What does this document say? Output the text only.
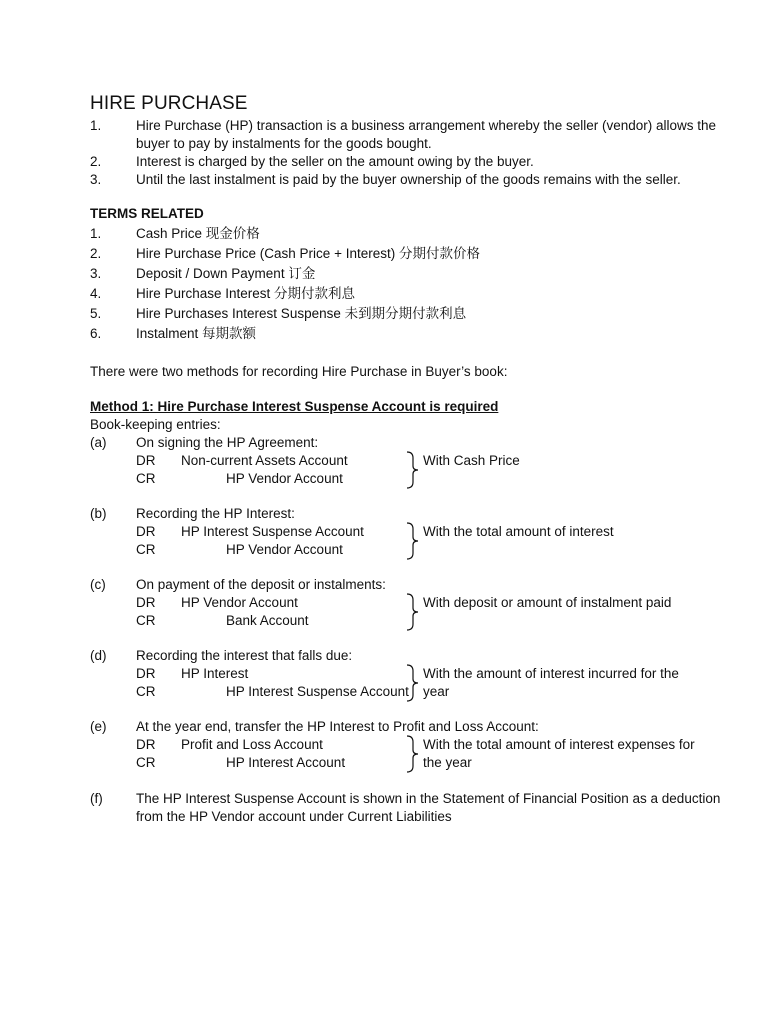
HIRE PURCHASE
1.	Hire Purchase (HP) transaction is a business arrangement whereby the seller (vendor) allows the
buyer to pay by instalments for the goods bought.
2.	Interest is charged by the seller on the amount owing by the buyer.
3.	Until the last instalment is paid by the buyer ownership of the goods remains with the seller.
TERMS RELATED
1.	Cash Price 现金价格
2.	Hire Purchase Price (Cash Price + Interest) 分期付款价格
3.	Deposit / Down Payment 订金
4.	Hire Purchase Interest 分期付款利息
5.	Hire Purchases Interest Suspense 未到期分期付款利息
6.	Instalment 每期款额
There were two methods for recording Hire Purchase in Buyer’s book:
Method 1: Hire Purchase Interest Suspense Account is required
Book-keeping entries:
(a) On signing the HP Agreement:
DR Non-current Assets Account
CR	HP Vendor Account
With Cash Price
(b) Recording the HP Interest:
DR HP Interest Suspense Account
CR	HP Vendor Account
With the total amount of interest
(c) On payment of the deposit or instalments:
DR HP Vendor Account
CR	Bank Account
With deposit or amount of instalment paid
(d) Recording the interest that falls due:
DR HP Interest
CR	HP Interest Suspense Account
With the amount of interest incurred for the
year
(e) At the year end, transfer the HP Interest to Profit and Loss Account:
DR Profit and Loss Account
CR	HP Interest Account
With the total amount of interest expenses for
the year
(f) The HP Interest Suspense Account is shown in the Statement of Financial Position as a deduction
from the HP Vendor account under Current Liabilities
